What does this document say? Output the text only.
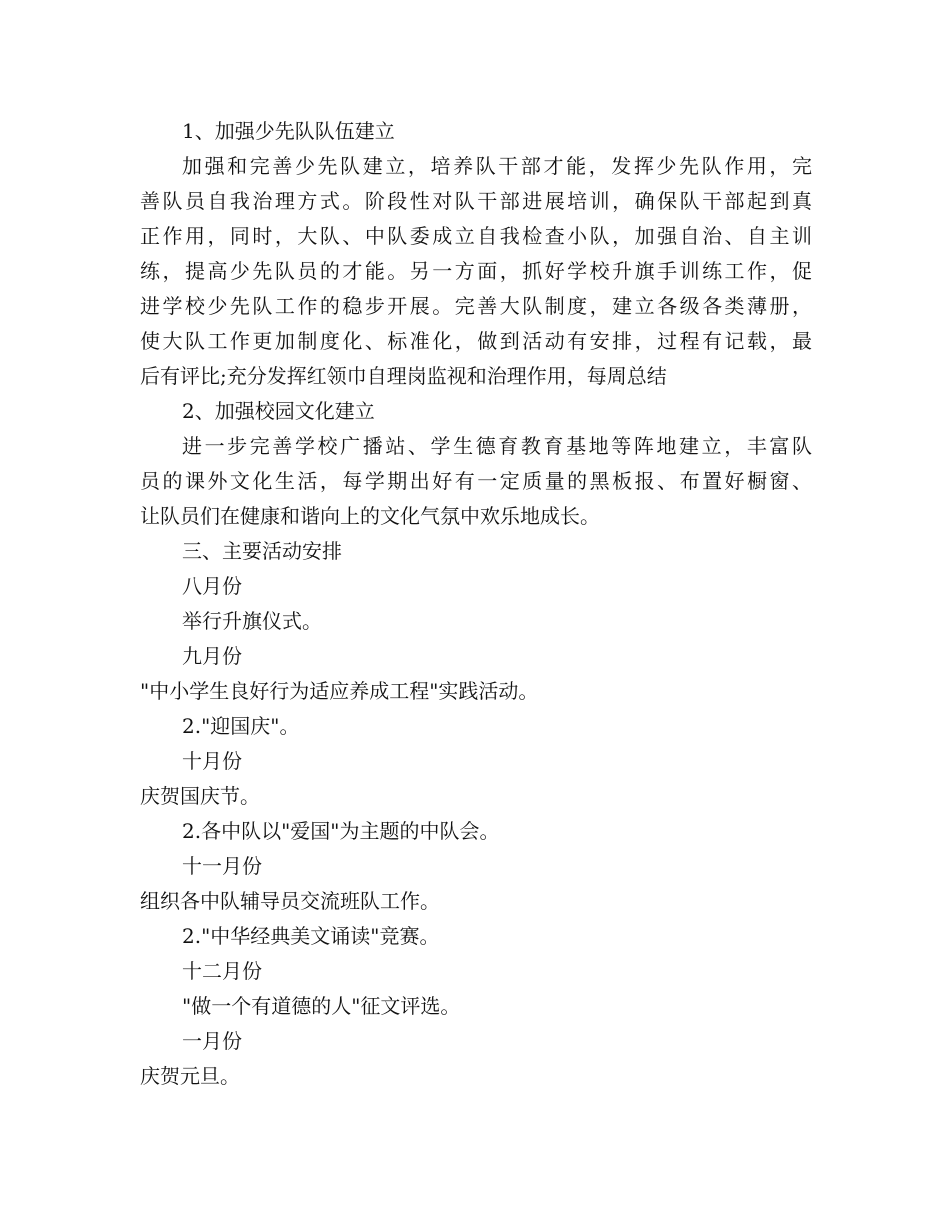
1、加强少先队队伍建立
加强和完善少先队建立，培养队干部才能，发挥少先队作用，完
善队员自我治理方式。阶段性对队干部进展培训，确保队干部起到真
正作用，同时，大队、中队委成立自我检查小队，加强自治、自主训
练，提高少先队员的才能。另一方面，抓好学校升旗手训练工作，促
进学校少先队工作的稳步开展。完善大队制度，建立各级各类薄册，
使大队工作更加制度化、标准化，做到活动有安排，过程有记载，最
后有评比;充分发挥红领巾自理岗监视和治理作用，每周总结
2、加强校园文化建立
进一步完善学校广播站、学生德育教育基地等阵地建立，丰富队
员的课外文化生活，每学期出好有一定质量的黑板报、布置好橱窗、
让队员们在健康和谐向上的文化气氛中欢乐地成长。
三、主要活动安排
八月份
举行升旗仪式。
九月份
"中小学生良好行为适应养成工程"实践活动。
2."迎国庆"。
十月份
庆贺国庆节。
2.各中队以"爱国"为主题的中队会。
十一月份
组织各中队辅导员交流班队工作。
2."中华经典美文诵读"竞赛。
十二月份
"做一个有道德的人"征文评选。
一月份
庆贺元旦。
